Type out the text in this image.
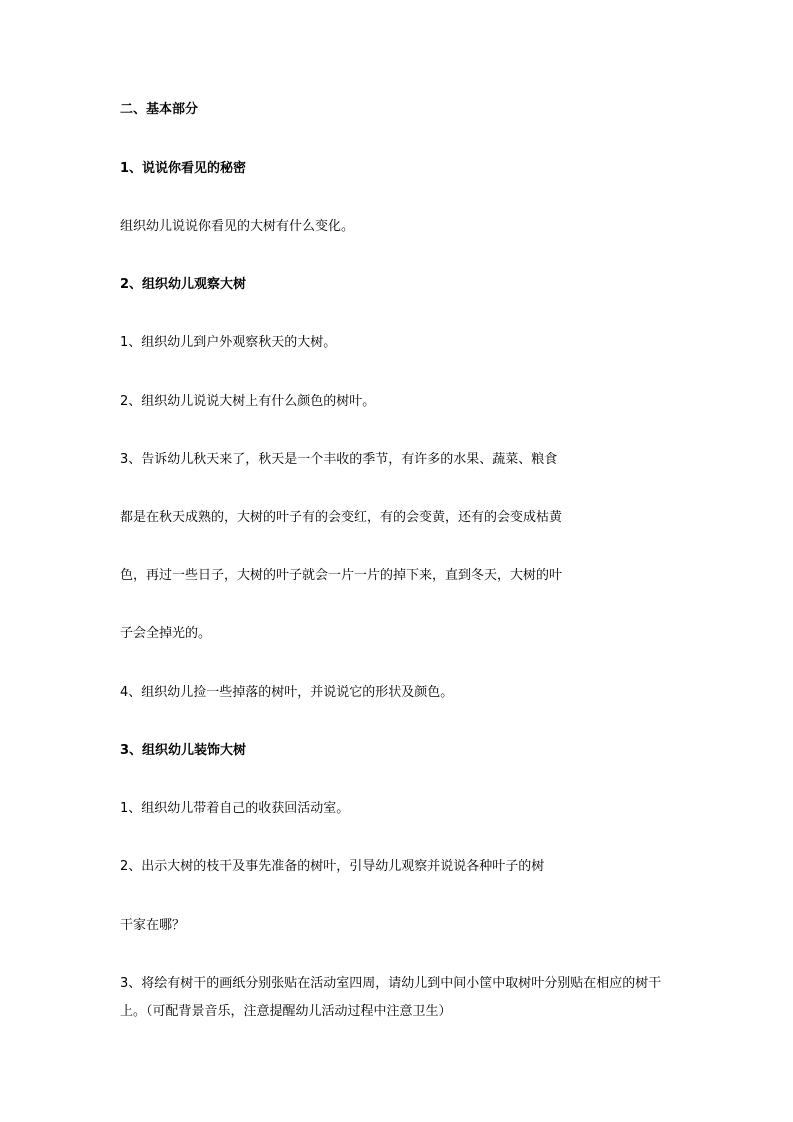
二、基本部分
1、说说你看见的秘密
组织幼儿说说你看见的大树有什么变化。
2、组织幼儿观察大树
1、组织幼儿到户外观察秋天的大树。
2、组织幼儿说说大树上有什么颜色的树叶。
3、告诉幼儿秋天来了，秋天是一个丰收的季节，有许多的水果、蔬菜、粮食
都是在秋天成熟的，大树的叶子有的会变红，有的会变黄，还有的会变成枯黄
色，再过一些日子，大树的叶子就会一片一片的掉下来，直到冬天，大树的叶
子会全掉光的。
4、组织幼儿捡一些掉落的树叶，并说说它的形状及颜色。
3、组织幼儿装饰大树
1、组织幼儿带着自己的收获回活动室。
2、出示大树的枝干及事先准备的树叶，引导幼儿观察并说说各种叶子的树
干家在哪？
3、将绘有树干的画纸分别张贴在活动室四周，请幼儿到中间小筐中取树叶分别贴在相应的树干
上。（可配背景音乐，注意提醒幼儿活动过程中注意卫生）
